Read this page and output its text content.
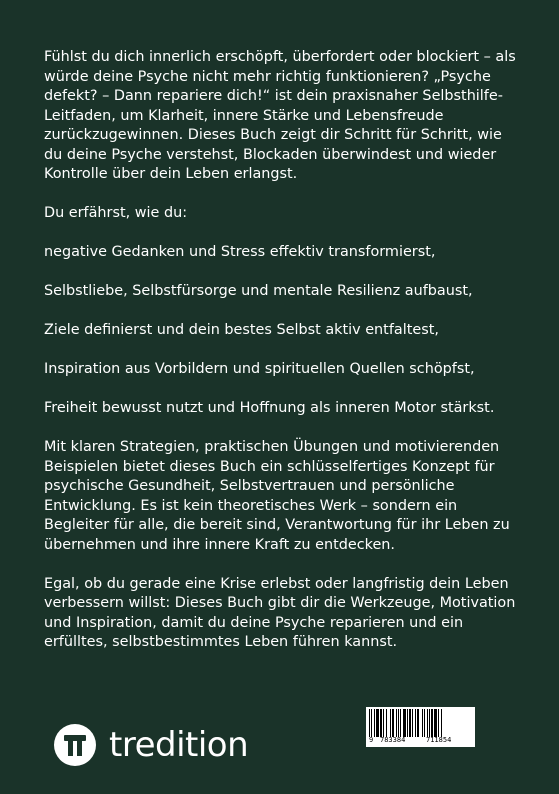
Fühlst du dich innerlich erschöpft, überfordert oder blockiert – als würde deine Psyche nicht mehr richtig funktionieren? „Psyche defekt? – Dann repariere dich!“ ist dein praxisnaher Selbsthilfe-Leitfaden, um Klarheit, innere Stärke und Lebensfreude zurückzugewinnen. Dieses Buch zeigt dir Schritt für Schritt, wie du deine Psyche verstehst, Blockaden überwindest und wieder Kontrolle über dein Leben erlangst.

Du erfährst, wie du:

negative Gedanken und Stress effektiv transformierst,

Selbstliebe, Selbstfürsorge und mentale Resilienz aufbaust,

Ziele definierst und dein bestes Selbst aktiv entfaltest,

Inspiration aus Vorbildern und spirituellen Quellen schöpfst,

Freiheit bewusst nutzt und Hoffnung als inneren Motor stärkst.

Mit klaren Strategien, praktischen Übungen und motivierenden Beispielen bietet dieses Buch ein schlüsselfertiges Konzept für psychische Gesundheit, Selbstvertrauen und persönliche Entwicklung. Es ist kein theoretisches Werk – sondern ein Begleiter für alle, die bereit sind, Verantwortung für ihr Leben zu übernehmen und ihre innere Kraft zu entdecken.

Egal, ob du gerade eine Krise erlebst oder langfristig dein Leben verbessern willst: Dieses Buch gibt dir die Werkzeuge, Motivation und Inspiration, damit du deine Psyche reparieren und ein erfülltes, selbstbestimmtes Leben führen kannst.

tredition	9 783384	711854
